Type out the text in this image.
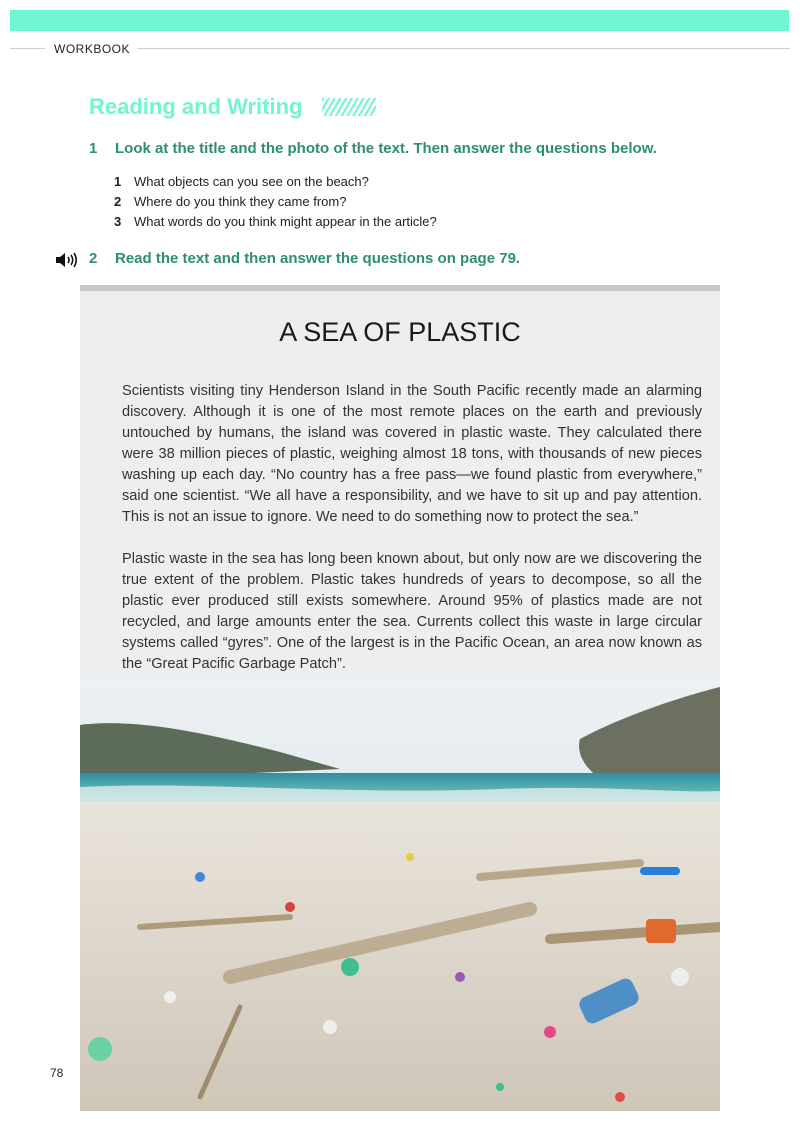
WORKBOOK
Reading and Writing
1 Look at the title and the photo of the text. Then answer the questions below.
1 What objects can you see on the beach?
2 Where do you think they came from?
3 What words do you think might appear in the article?
2 Read the text and then answer the questions on page 79.
A SEA OF PLASTIC

Scientists visiting tiny Henderson Island in the South Pacific recently made an alarming discovery. Although it is one of the most remote places on the earth and previously untouched by humans, the island was covered in plastic waste. They calculated there were 38 million pieces of plastic, weighing almost 18 tons, with thousands of new pieces washing up each day. “No country has a free pass—we found plastic from everywhere,” said one scientist. “We all have a responsibility, and we have to sit up and pay attention. This is not an issue to ignore. We need to do something now to protect the sea.”

Plastic waste in the sea has long been known about, but only now are we discovering the true extent of the problem. Plastic takes hundreds of years to decompose, so all the plastic ever produced still exists somewhere. Around 95% of plastics made are not recycled, and large amounts enter the sea. Currents collect this waste in large circular systems called “gyres”. One of the largest is in the Pacific Ocean, an area now known as the “Great Pacific Garbage Patch”.

78
